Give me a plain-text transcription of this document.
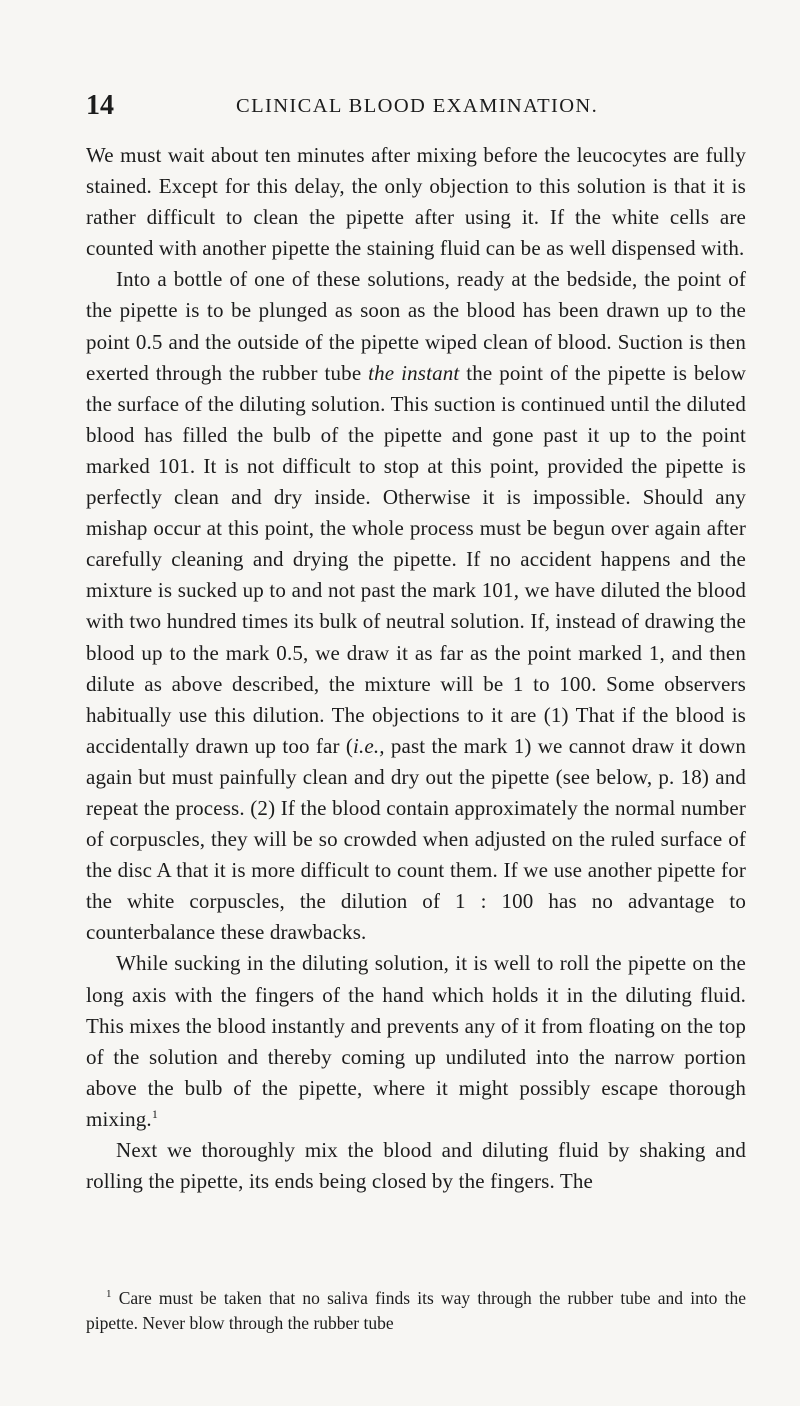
14	CLINICAL BLOOD EXAMINATION.

We must wait about ten minutes after mixing before the leucocytes are fully stained. Except for this delay, the only objection to this solution is that it is rather difficult to clean the pipette after using it. If the white cells are counted with another pipette the staining fluid can be as well dispensed with.

Into a bottle of one of these solutions, ready at the bedside, the point of the pipette is to be plunged as soon as the blood has been drawn up to the point 0.5 and the outside of the pipette wiped clean of blood. Suction is then exerted through the rubber tube the instant the point of the pipette is below the surface of the diluting solution. This suction is continued until the diluted blood has filled the bulb of the pipette and gone past it up to the point marked 101. It is not difficult to stop at this point, provided the pipette is perfectly clean and dry inside. Otherwise it is impossible. Should any mishap occur at this point, the whole process must be begun over again after carefully cleaning and drying the pipette. If no accident happens and the mixture is sucked up to and not past the mark 101, we have diluted the blood with two hundred times its bulk of neutral solution. If, instead of drawing the blood up to the mark 0.5, we draw it as far as the point marked 1, and then dilute as above described, the mixture will be 1 to 100. Some observers habitually use this dilution. The objections to it are (1) That if the blood is accidentally drawn up too far (i.e., past the mark 1) we cannot draw it down again but must painfully clean and dry out the pipette (see below, p. 18) and repeat the process. (2) If the blood contain approximately the normal number of corpuscles, they will be so crowded when adjusted on the ruled surface of the disc A that it is more difficult to count them. If we use another pipette for the white corpuscles, the dilution of 1 : 100 has no advantage to counterbalance these drawbacks.

While sucking in the diluting solution, it is well to roll the pipette on the long axis with the fingers of the hand which holds it in the diluting fluid. This mixes the blood instantly and prevents any of it from floating on the top of the solution and thereby coming up undiluted into the narrow portion above the bulb of the pipette, where it might possibly escape thorough mixing.$^1$

Next we thoroughly mix the blood and diluting fluid by shaking and rolling the pipette, its ends being closed by the fingers. The

$^1$ Care must be taken that no saliva finds its way through the rubber tube and into the pipette. Never blow through the rubber tube
